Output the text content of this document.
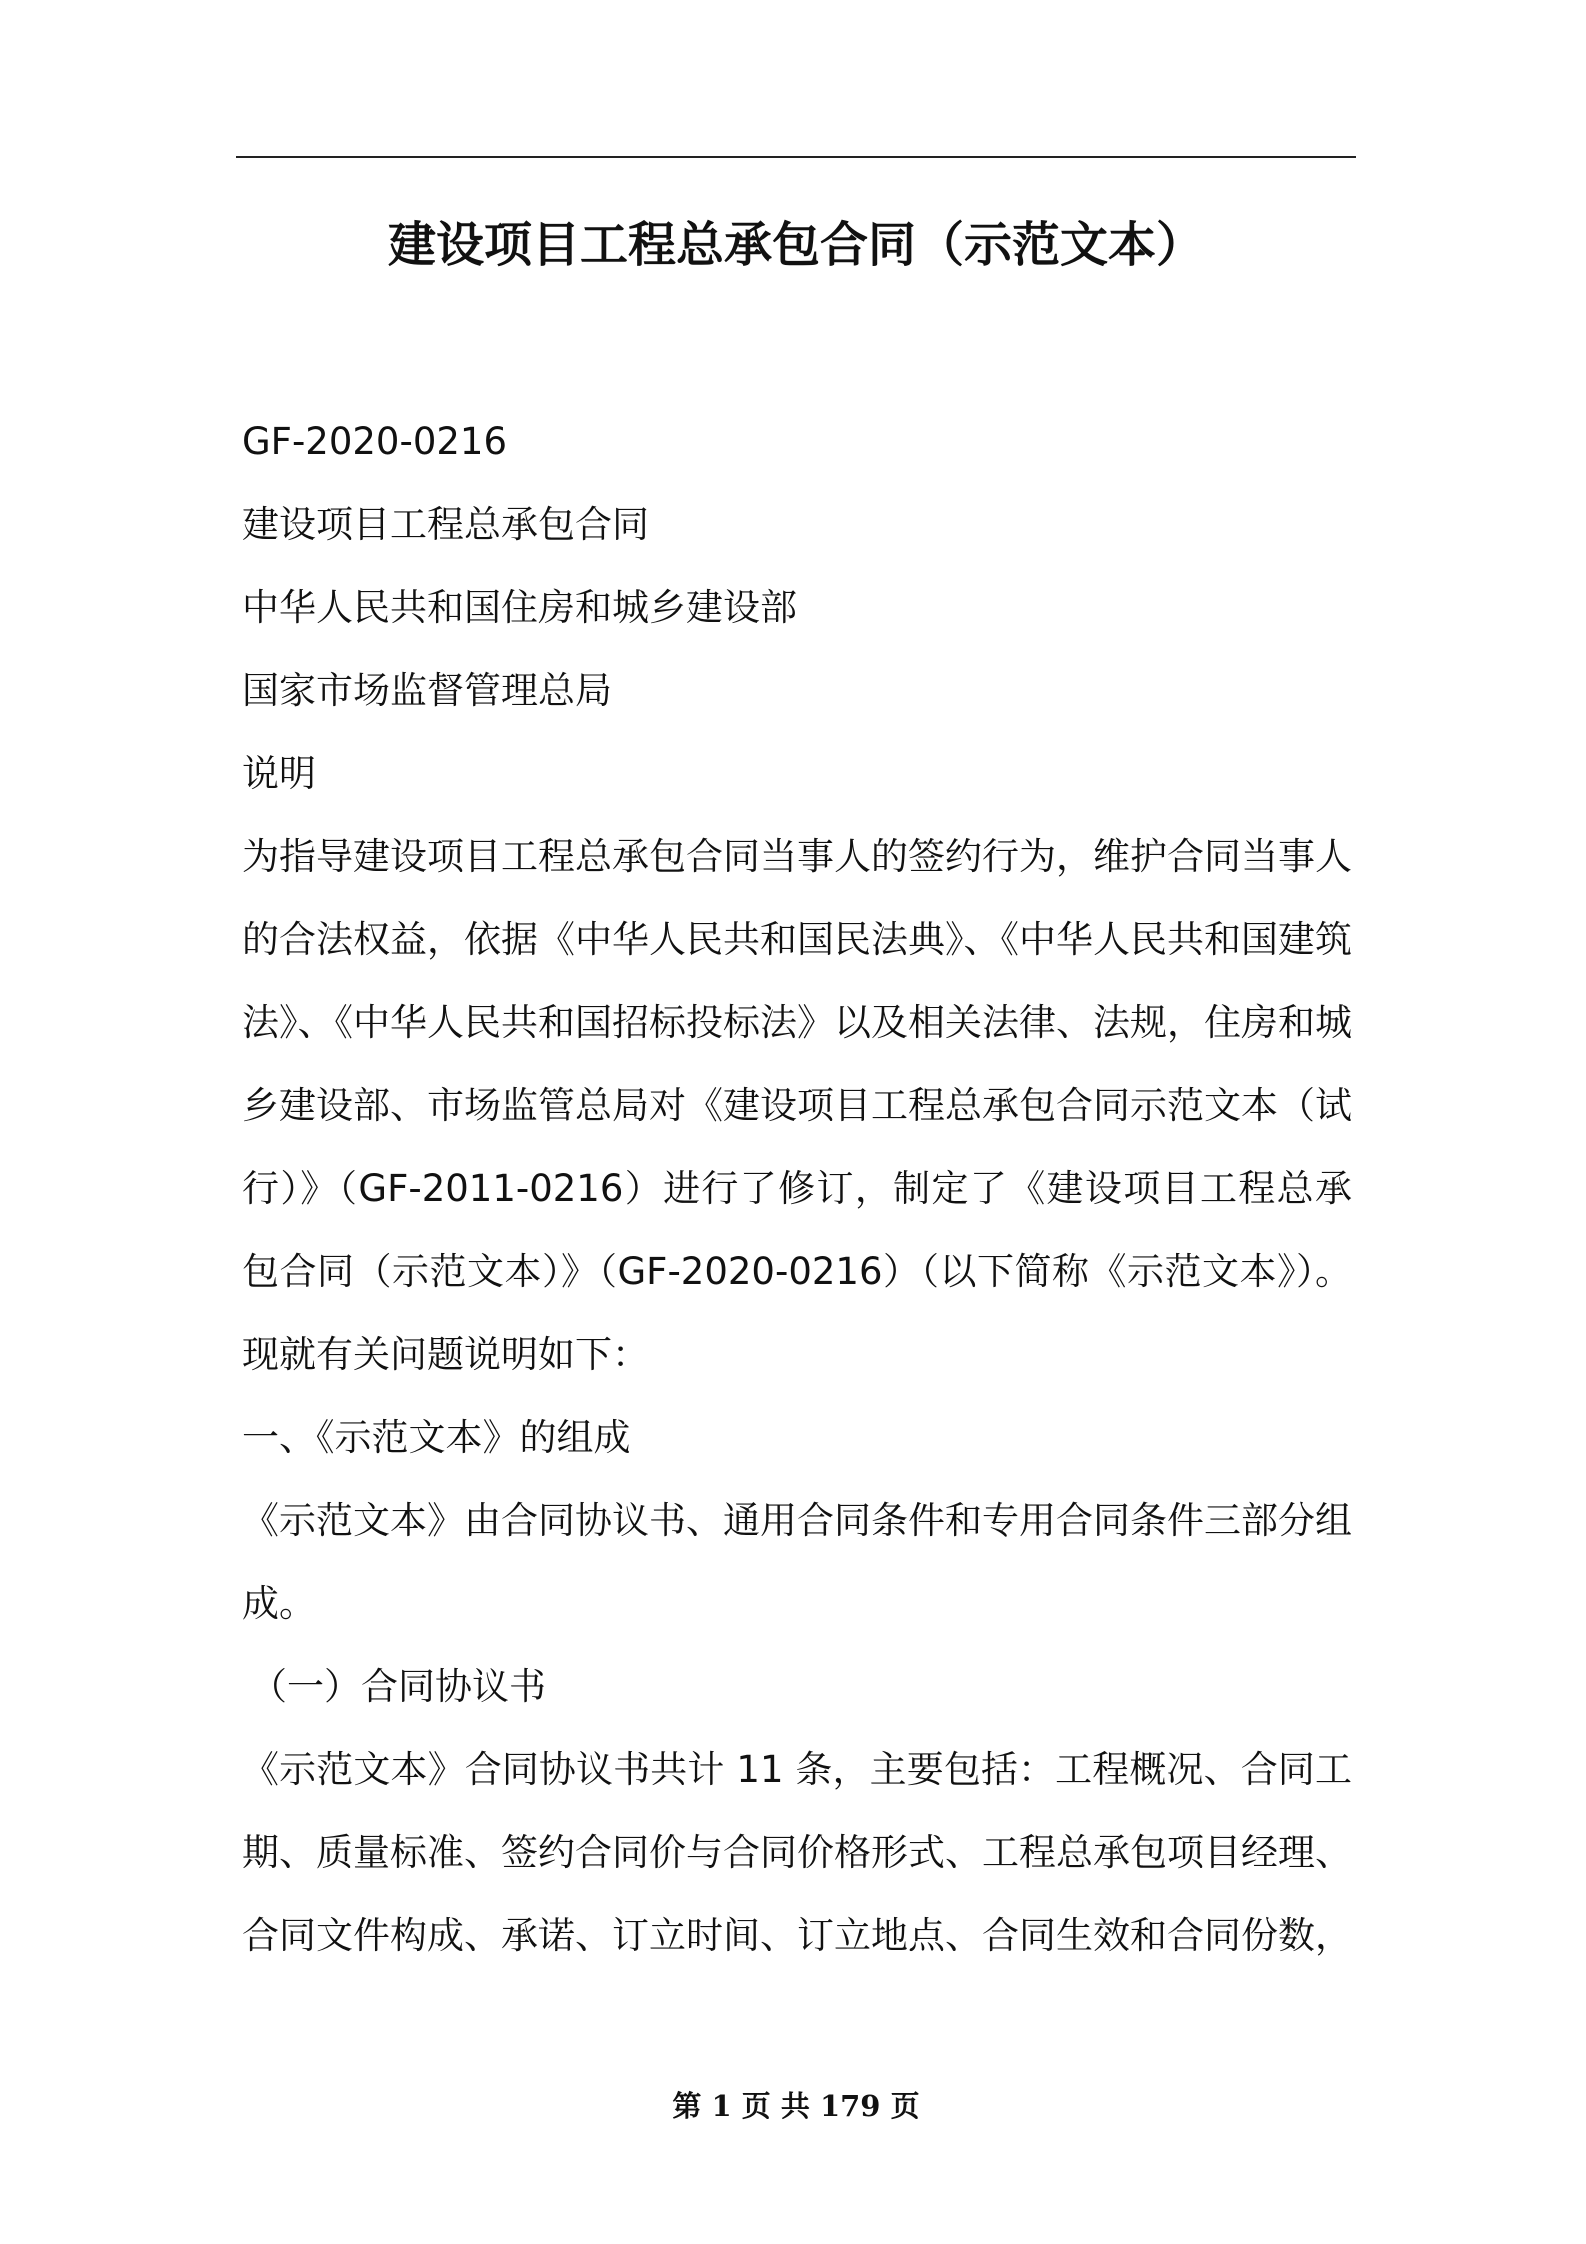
建设项目工程总承包合同（示范文本）

GF-2020-0216

建设项目工程总承包合同

中华人民共和国住房和城乡建设部

国家市场监督管理总局

说明

为指导建设项目工程总承包合同当事人的签约行为，维护合同当事人的合法权益，依据《中华人民共和国民法典》、《中华人民共和国建筑法》、《中华人民共和国招标投标法》以及相关法律、法规，住房和城乡建设部、市场监管总局对《建设项目工程总承包合同示范文本（试行）》（GF-2011-0216）进行了修订，制定了《建设项目工程总承包合同（示范文本）》（GF-2020-0216）（以下简称《示范文本》）。现就有关问题说明如下：

一、《示范文本》的组成

《示范文本》由合同协议书、通用合同条件和专用合同条件三部分组成。

（一）合同协议书

《示范文本》合同协议书共计 11 条，主要包括：工程概况、合同工期、质量标准、签约合同价与合同价格形式、工程总承包项目经理、合同文件构成、承诺、订立时间、订立地点、合同生效和合同份数，

第 1 页 共 179 页
